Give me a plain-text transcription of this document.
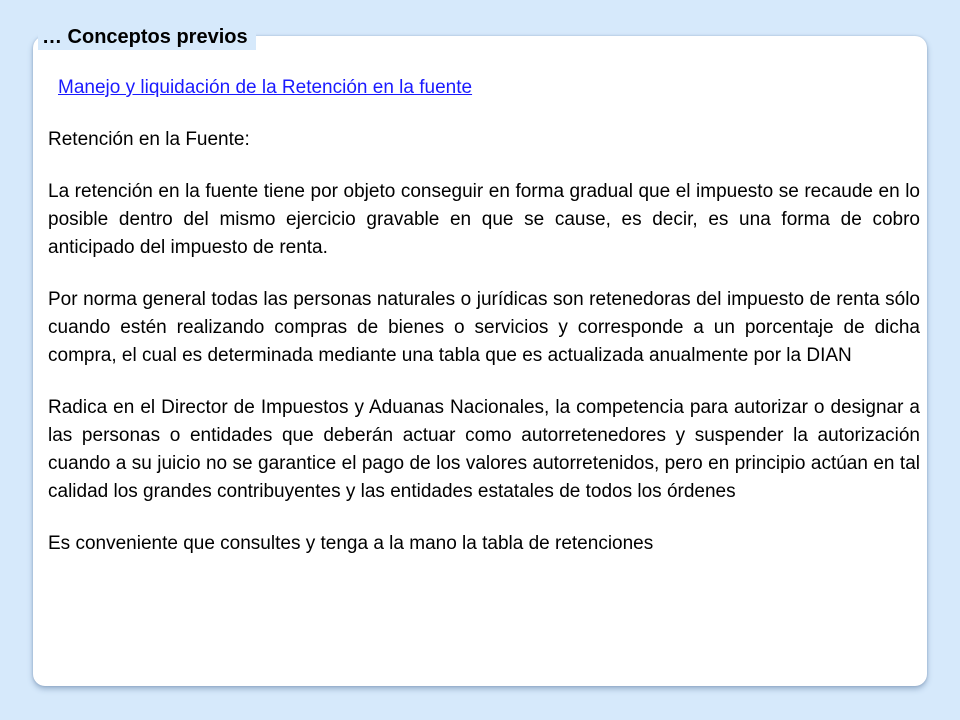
… Conceptos previos
Manejo y liquidación de la Retención en la fuente

Retención en la Fuente:

La retención en la fuente tiene por objeto conseguir en forma gradual que el impuesto se recaude en lo posible dentro del mismo ejercicio gravable en que se cause, es decir, es una forma de cobro anticipado del impuesto de renta.

Por norma general todas las personas naturales o jurídicas son retenedoras del impuesto de renta sólo cuando estén realizando compras de bienes o servicios y corresponde a un porcentaje de dicha compra, el cual es determinada mediante una tabla que es actualizada anualmente por la DIAN

Radica en el Director de Impuestos y Aduanas Nacionales, la competencia para autorizar o designar a las personas o entidades que deberán actuar como autorretenedores y suspender la autorización cuando a su juicio no se garantice el pago de los valores autorretenidos, pero en principio actúan en tal calidad los grandes contribuyentes y las entidades estatales de todos los órdenes

Es conveniente que consultes y tenga a la mano la tabla de retenciones
